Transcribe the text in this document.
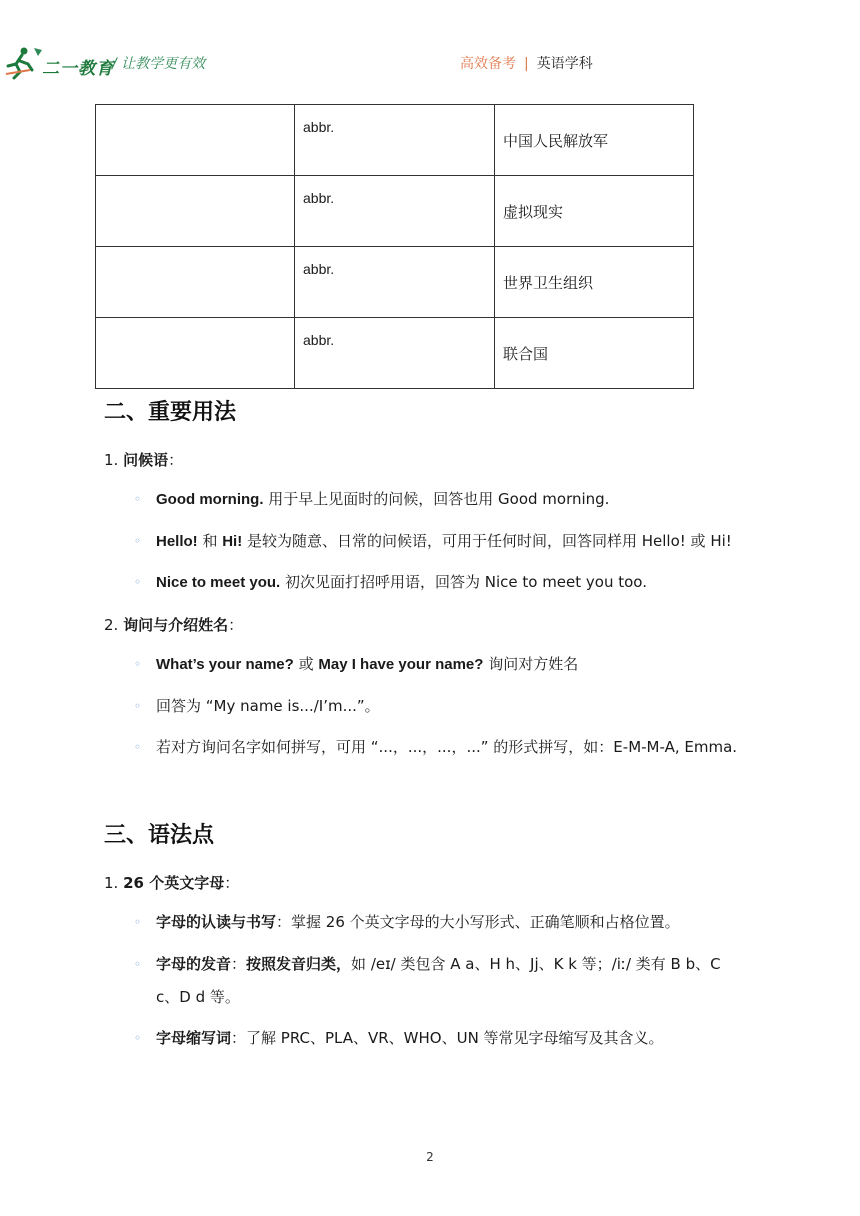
二一教育
/ 让教学更有效	高效备考 | 英语学科
	abbr.	中国人民解放军
	abbr.	虚拟现实
	abbr.	世界卫生组织
	abbr.	联合国
二、重要用法
1. 问候语：
◦ Good morning. 用于早上见面时的问候，回答也用 Good morning.
◦ Hello! 和 Hi! 是较为随意、日常的问候语，可用于任何时间，回答同样用 Hello! 或 Hi!
◦ Nice to meet you. 初次见面打招呼用语，回答为 Nice to meet you too.
2. 询问与介绍姓名：
◦ What’s your name? 或 May I have your name? 询问对方姓名
◦ 回答为 “My name is.../I’m...”。
◦ 若对方询问名字如何拼写，可用 “...，...，...，...” 的形式拼写，如：E-M-M-A, Emma.
三、语法点
1. 26 个英文字母：
◦ 字母的认读与书写：掌握 26 个英文字母的大小写形式、正确笔顺和占格位置。
◦ 字母的发音：按照发音归类，如 /eɪ/ 类包含 A a、H h、Jj、K k 等；/iː/ 类有 B b、C
c、D d 等。
◦ 字母缩写词：了解 PRC、PLA、VR、WHO、UN 等常见字母缩写及其含义。
2
